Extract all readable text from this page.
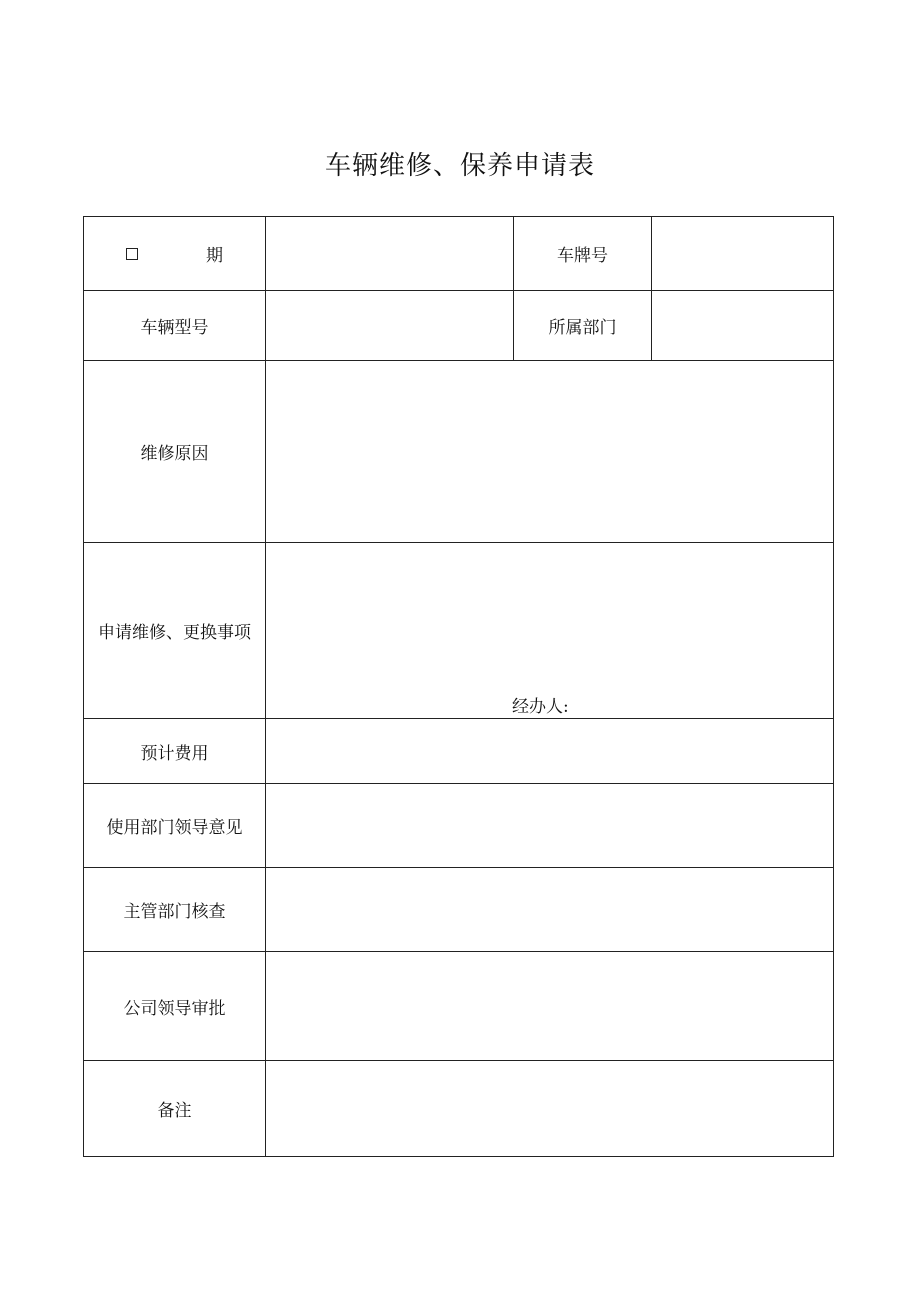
车辆维修、保养申请表
期		车牌号	
车辆型号		所属部门	
维修原因			
申请维修、更换事项	经办人:		

预计费用			
使用部门领导意见			
主管部门核查			
公司领导审批			
备注			
